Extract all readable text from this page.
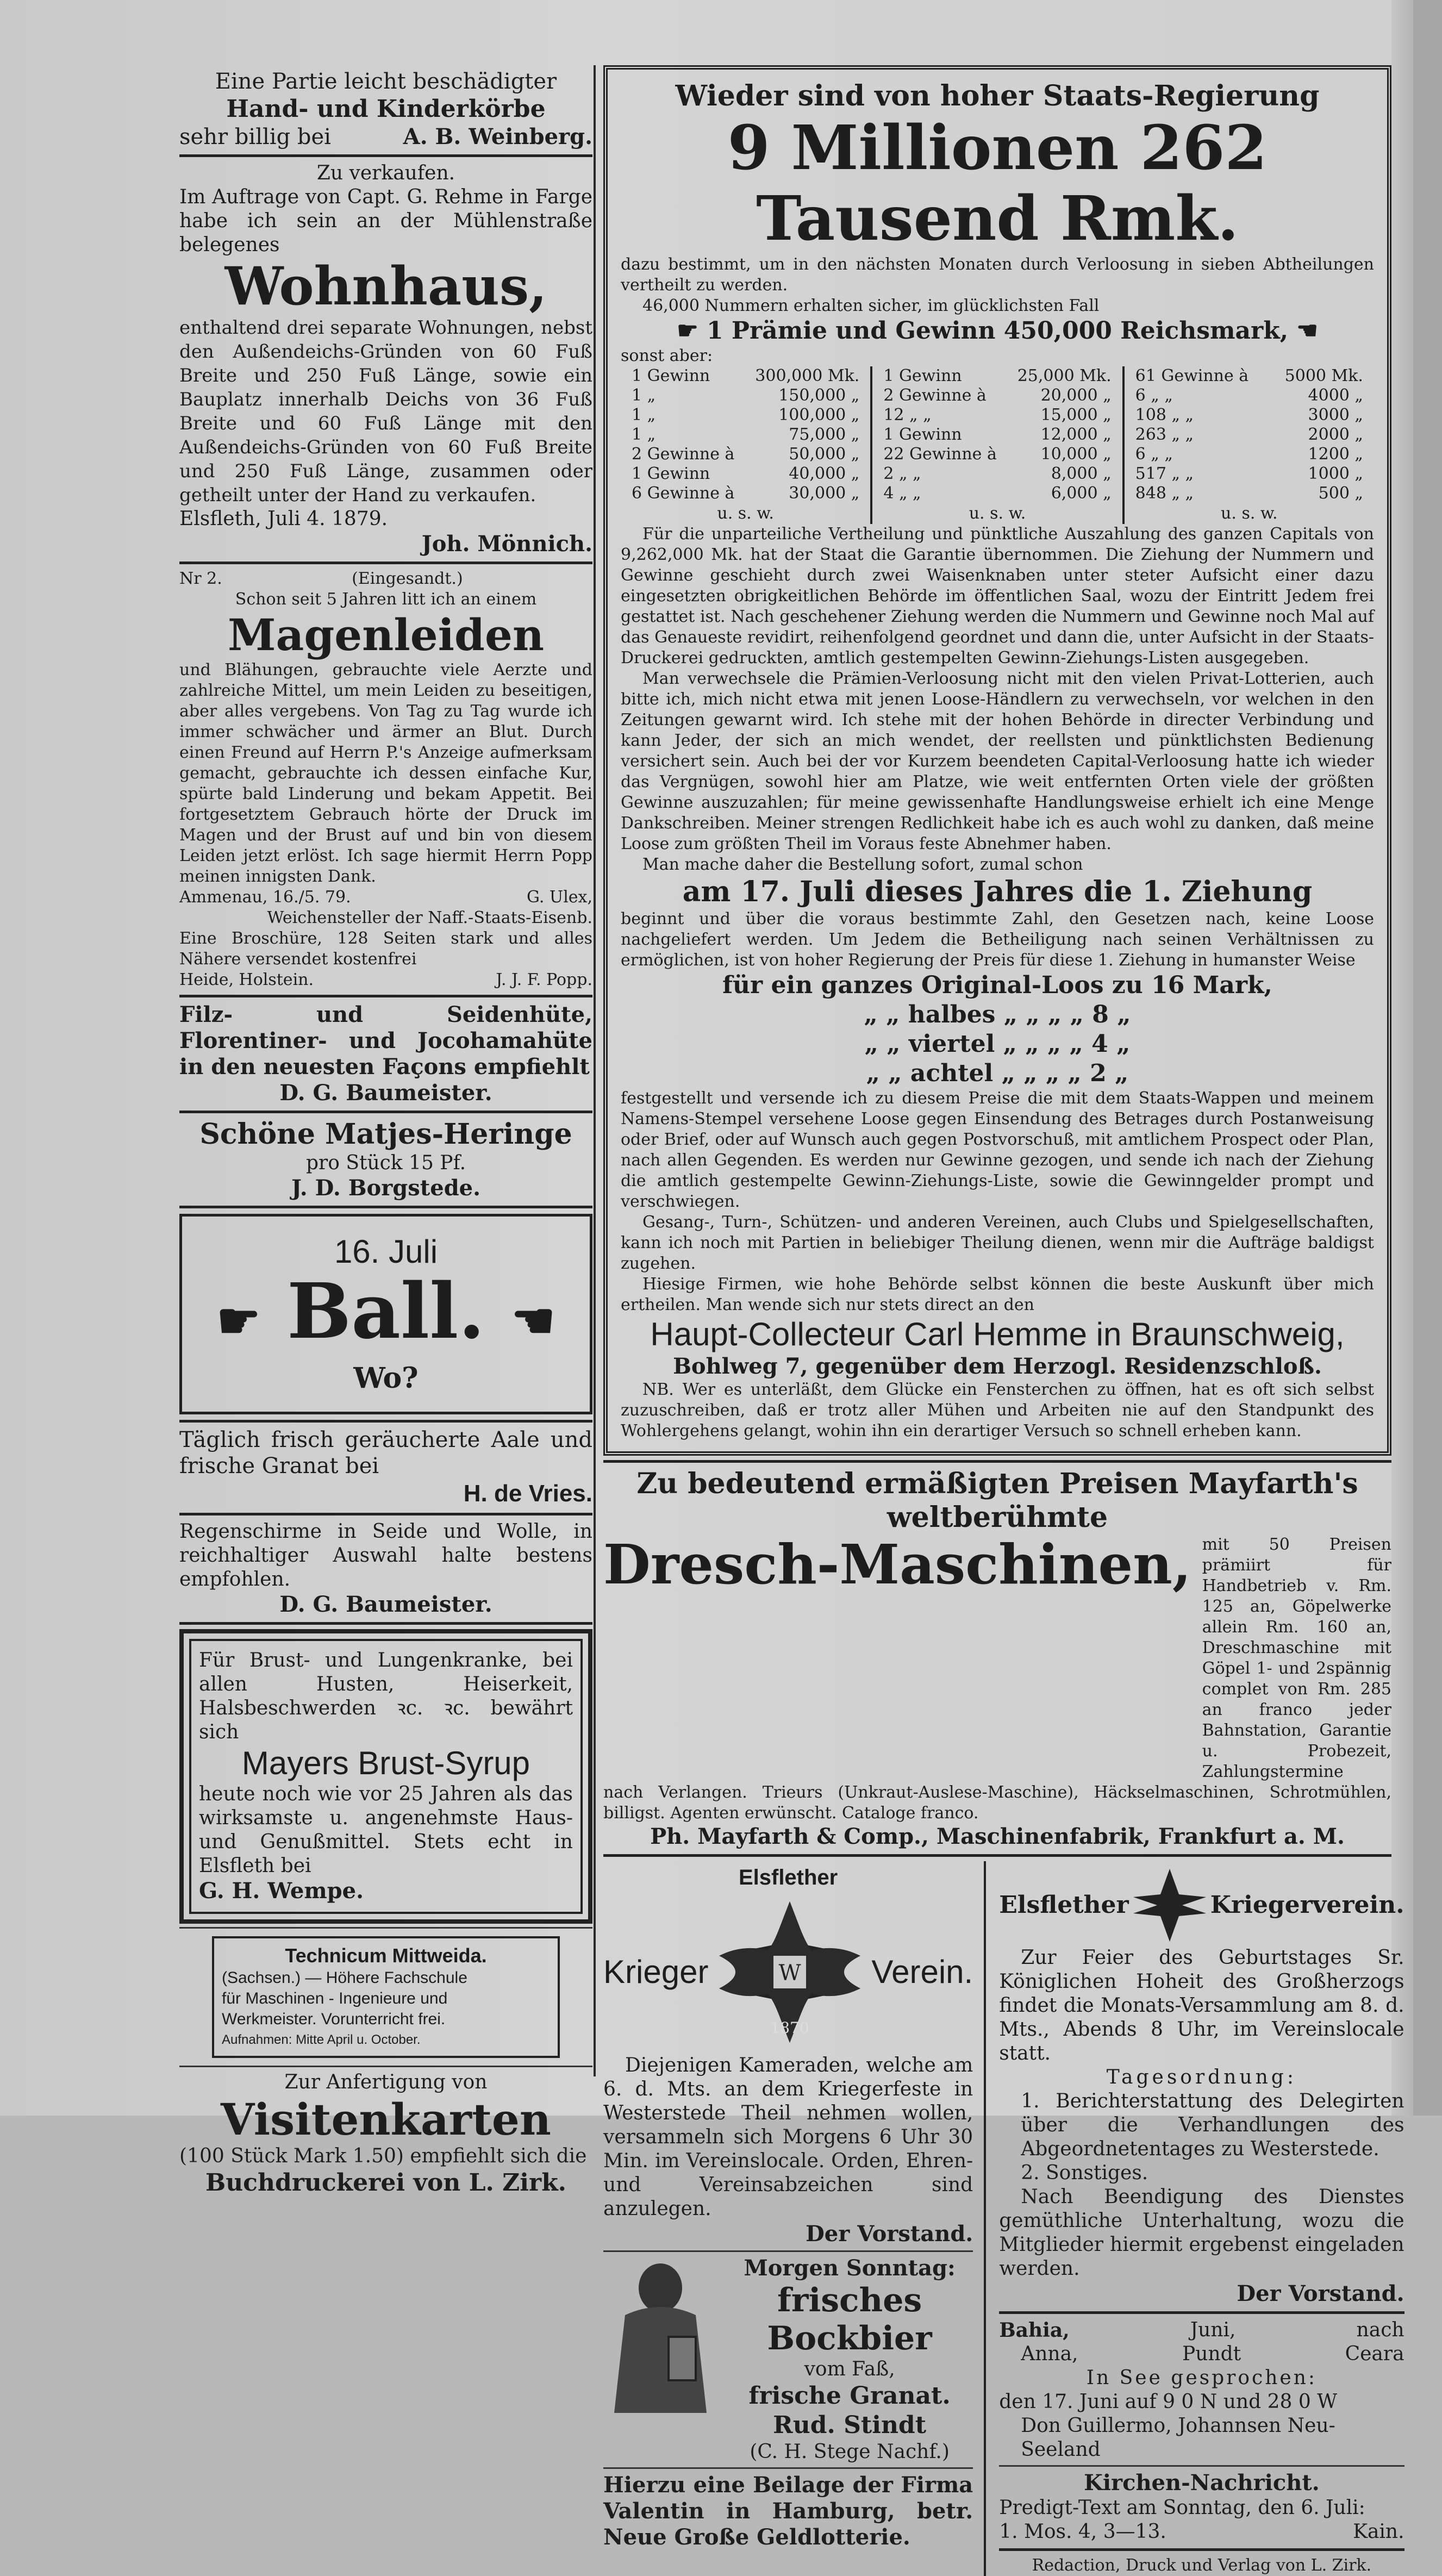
Eine Partie leicht beschädigter

Hand- und Kinderkörbe

sehr billig bei	A. B. Weinberg.

Zu verkaufen.

Im Auftrage von Capt. G. Rehme in Farge habe ich sein an der Mühlenstraße belegenes

Wohnhaus,

enthaltend drei separate Wohnungen, nebst den Außendeichs-Gründen von 60 Fuß Breite und 250 Fuß Länge, sowie ein Bauplatz innerhalb Deichs von 36 Fuß Breite und 60 Fuß Länge mit den Außendeichs-Gründen von 60 Fuß Breite und 250 Fuß Länge, zusammen oder getheilt unter der Hand zu verkaufen.

Elsfleth, Juli 4. 1879.

Joh. Mönnich.

Nr 2.	(Eingesandt.)

Schon seit 5 Jahren litt ich an einem

Magenleiden

und Blähungen, gebrauchte viele Aerzte und zahlreiche Mittel, um mein Leiden zu beseitigen, aber alles vergebens. Von Tag zu Tag wurde ich immer schwächer und ärmer an Blut. Durch einen Freund auf Herrn P.'s Anzeige aufmerksam gemacht, gebrauchte ich dessen einfache Kur, spürte bald Linderung und bekam Appetit. Bei fortgesetztem Gebrauch hörte der Druck im Magen und der Brust auf und bin von diesem Leiden jetzt erlöst. Ich sage hiermit Herrn Popp meinen innigsten Dank.

Ammenau, 16./5. 79.	G. Ulex,

Weichensteller der Naff.-Staats-Eisenb.

Eine Broschüre, 128 Seiten stark und alles Nähere versendet kostenfrei

Heide, Holstein.	J. J. F. Popp.

Filz- und Seidenhüte, Florentiner- und Jocohamahüte in den neuesten Façons empfiehlt

D. G. Baumeister.

Schöne Matjes-Heringe

pro Stück 15 Pf.

J. D. Borgstede.

16. Juli

☛ Ball. ☚

Wo?

Täglich frisch geräucherte Aale und frische Granat bei

H. de Vries.

Regenschirme in Seide und Wolle, in reichhaltiger Auswahl halte bestens empfohlen.

D. G. Baumeister.

Für Brust- und Lungenkranke, bei allen Husten, Heiserkeit, Halsbeschwerden ꝛc. ꝛc. bewährt sich

Mayers Brust-Syrup

heute noch wie vor 25 Jahren als das wirksamste u. angenehmste Haus- und Genußmittel. Stets echt in Elsfleth bei

G. H. Wempe.

Technicum Mittweida.

(Sachsen.) — Höhere Fachschule

für Maschinen - Ingenieure und

Werkmeister. Vorunterricht frei.

Aufnahmen: Mitte April u. October.

Zur Anfertigung von

Visitenkarten

(100 Stück Mark 1.50) empfiehlt sich die

Buchdruckerei von L. Zirk.

Wieder sind von hoher Staats-Regierung

9 Millionen 262 Tausend Rmk.

dazu bestimmt, um in den nächsten Monaten durch Verloosung in sieben Abtheilungen vertheilt zu werden.

46,000 Nummern erhalten sicher, im glücklichsten Fall

☛ 1 Prämie und Gewinn 450,000 Reichsmark, ☚

sonst aber:

1 Gewinn	300,000 Mk.
1 „	150,000 „
1 „	100,000 „
1 „	75,000 „
2 Gewinne à	50,000 „
1 Gewinn	40,000 „
6 Gewinne à	30,000 „

u. s. w.

1 Gewinn	25,000 Mk.
2 Gewinne à	20,000 „
12 „ „	15,000 „
1 Gewinn	12,000 „
22 Gewinne à	10,000 „
2 „ „	8,000 „
4 „ „	6,000 „

u. s. w.

61 Gewinne à	5000 Mk.
6 „ „	4000 „
108 „ „	3000 „
263 „ „	2000 „
6 „ „	1200 „
517 „ „	1000 „
848 „ „	500 „

u. s. w.

Für die unparteiliche Vertheilung und pünktliche Auszahlung des ganzen Capitals von 9,262,000 Mk. hat der Staat die Garantie übernommen. Die Ziehung der Nummern und Gewinne geschieht durch zwei Waisenknaben unter steter Aufsicht einer dazu eingesetzten obrigkeitlichen Behörde im öffentlichen Saal, wozu der Eintritt Jedem frei gestattet ist. Nach geschehener Ziehung werden die Nummern und Gewinne noch Mal auf das Genaueste revidirt, reihenfolgend geordnet und dann die, unter Aufsicht in der Staats-Druckerei gedruckten, amtlich gestempelten Gewinn-Ziehungs-Listen ausgegeben.

Man verwechsele die Prämien-Verloosung nicht mit den vielen Privat-Lotterien, auch bitte ich, mich nicht etwa mit jenen Loose-Händlern zu verwechseln, vor welchen in den Zeitungen gewarnt wird. Ich stehe mit der hohen Behörde in directer Verbindung und kann Jeder, der sich an mich wendet, der reellsten und pünktlichsten Bedienung versichert sein. Auch bei der vor Kurzem beendeten Capital-Verloosung hatte ich wieder das Vergnügen, sowohl hier am Platze, wie weit entfernten Orten viele der größten Gewinne auszuzahlen; für meine gewissenhafte Handlungsweise erhielt ich eine Menge Dankschreiben. Meiner strengen Redlichkeit habe ich es auch wohl zu danken, daß meine Loose zum größten Theil im Voraus feste Abnehmer haben.

Man mache daher die Bestellung sofort, zumal schon

am 17. Juli dieses Jahres die 1. Ziehung

beginnt und über die voraus bestimmte Zahl, den Gesetzen nach, keine Loose nachgeliefert werden. Um Jedem die Betheiligung nach seinen Verhältnissen zu ermöglichen, ist von hoher Regierung der Preis für diese 1. Ziehung in humanster Weise

für ein ganzes Original-Loos zu 16 Mark,

„ „ halbes „ „ „ „ 8 „

„ „ viertel „ „ „ „ 4 „

„ „ achtel „ „ „ „ 2 „

festgestellt und versende ich zu diesem Preise die mit dem Staats-Wappen und meinem Namens-Stempel versehene Loose gegen Einsendung des Betrages durch Postanweisung oder Brief, oder auf Wunsch auch gegen Postvorschuß, mit amtlichem Prospect oder Plan, nach allen Gegenden. Es werden nur Gewinne gezogen, und sende ich nach der Ziehung die amtlich gestempelte Gewinn-Ziehungs-Liste, sowie die Gewinngelder prompt und verschwiegen.

Gesang-, Turn-, Schützen- und anderen Vereinen, auch Clubs und Spielgesellschaften, kann ich noch mit Partien in beliebiger Theilung dienen, wenn mir die Aufträge baldigst zugehen.

Hiesige Firmen, wie hohe Behörde selbst können die beste Auskunft über mich ertheilen. Man wende sich nur stets direct an den

Haupt-Collecteur Carl Hemme in Braunschweig,

Bohlweg 7, gegenüber dem Herzogl. Residenzschloß.

NB. Wer es unterläßt, dem Glücke ein Fensterchen zu öffnen, hat es oft sich selbst zuzuschreiben, daß er trotz aller Mühen und Arbeiten nie auf den Standpunkt des Wohlergehens gelangt, wohin ihn ein derartiger Versuch so schnell erheben kann.

Zu bedeutend ermäßigten Preisen Mayfarth's weltberühmte

Dresch-Maschinen, mit 50 Preisen prämiirt für Handbetrieb v. Rm. 125 an, Göpelwerke allein Rm. 160 an, Dreschmaschine mit Göpel 1- und 2spännig complet von Rm. 285 an franco jeder Bahnstation, Garantie u. Probezeit, Zahlungstermine

nach Verlangen. Trieurs (Unkraut-Auslese-Maschine), Häckselmaschinen, Schrotmühlen, billigst. Agenten erwünscht. Cataloge franco.

Ph. Mayfarth & Comp., Maschinenfabrik, Frankfurt a. M.

Elsflether

Krieger	W
1870
Verein.

Diejenigen Kameraden, welche am 6. d. Mts. an dem Kriegerfeste in Westerstede Theil nehmen wollen, versammeln sich Morgens 6 Uhr 30 Min. im Vereinslocale. Orden, Ehren- und Vereinsabzeichen sind anzulegen.

Der Vorstand.

Morgen Sonntag:

frisches Bockbier

vom Faß,

frische Granat.

Rud. Stindt

(C. H. Stege Nachf.)

Hierzu eine Beilage der Firma Valentin in Hamburg, betr. Neue Große Geldlotterie.

Elsflether	Kriegerverein.

Zur Feier des Geburtstages Sr. Königlichen Hoheit des Großherzogs findet die Monats-Versammlung am 8. d. Mts., Abends 8 Uhr, im Vereinslocale statt.

Tagesordnung:

1. Berichterstattung des Delegirten über die Verhandlungen des Abgeordnetentages zu Westerstede.

2. Sonstiges.

Nach Beendigung des Dienstes gemüthliche Unterhaltung, wozu die Mitglieder hiermit ergebenst eingeladen werden.

Der Vorstand.

Bahia,	Juni,	nach

Anna,	Pundt	Ceara

In See gesprochen:

den 17. Juni auf 9 0 N und 28 0 W

Don Guillermo, Johannsen Neu-Seeland

Kirchen-Nachricht.

Predigt-Text am Sonntag, den 6. Juli:

1. Mos. 4, 3—13.	Kain.

Redaction, Druck und Verlag von L. Zirk.
